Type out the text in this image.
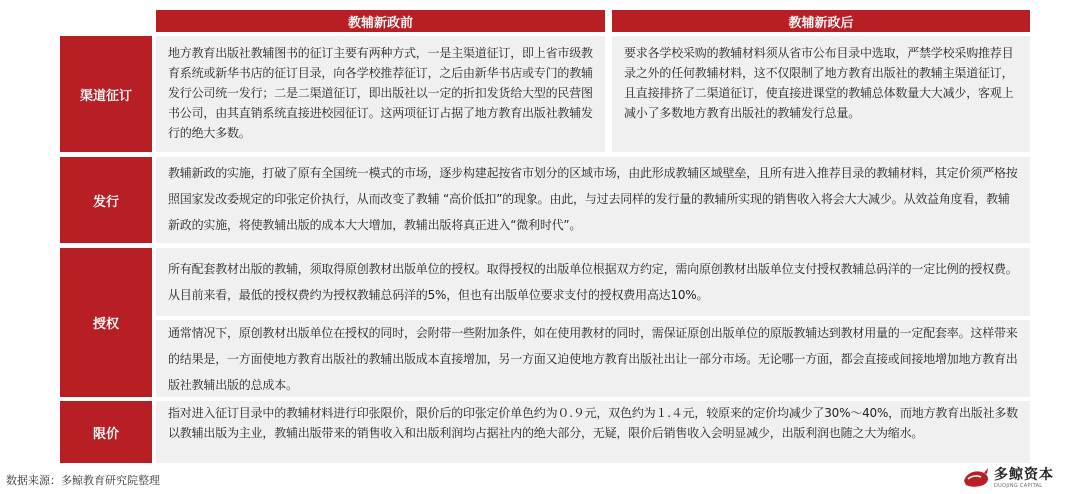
教辅新政前	教辅新政后
渠道征订
地方教育出版社教辅图书的征订主要有两种方式，一是主渠道征订，即上省市级教育系统或新华书店的征订目录，向各学校推荐征订，之后由新华书店或专门的教辅发行公司统一发行；二是二渠道征订，即出版社以一定的折扣发货给大型的民营图书公司，由其直销系统直接进校园征订。这两项征订占据了地方教育出版社教辅发行的绝大多数。
要求各学校采购的教辅材料须从省市公布目录中选取，严禁学校采购推荐目录之外的任何教辅材料，这不仅限制了地方教育出版社的教辅主渠道征订，且直接排挤了二渠道征订，使直接进课堂的教辅总体数量大大减少，客观上减小了多数地方教育出版社的教辅发行总量。
发行
教辅新政的实施，打破了原有全国统一模式的市场，逐步构建起按省市划分的区域市场，由此形成教辅区域壁垒，且所有进入推荐目录的教辅材料，其定价须严格按照国家发改委规定的印张定价执行，从而改变了教辅 “高价低扣”的现象。由此，与过去同样的发行量的教辅所实现的销售收入将会大大减少。从效益角度看，教辅新政的实施，将使教辅出版的成本大大增加，教辅出版将真正进入“微利时代”。
授权
所有配套教材出版的教辅，须取得原创教材出版单位的授权。取得授权的出版单位根据双方约定，需向原创教材出版单位支付授权教辅总码洋的一定比例的授权费。从目前来看，最低的授权费约为授权教辅总码洋的5%，但也有出版单位要求支付的授权费用高达10%。
通常情况下，原创教材出版单位在授权的同时，会附带一些附加条件，如在使用教材的同时，需保证原创出版单位的原版教辅达到教材用量的一定配套率。这样带来的结果是，一方面使地方教育出版社的教辅出版成本直接增加，另一方面又迫使地方教育出版社出让一部分市场。无论哪一方面，都会直接或间接地增加地方教育出版社教辅出版的总成本。
限价
指对进入征订目录中的教辅材料进行印张限价，限价后的印张定价单色约为０.９元，双色约为１.４元，较原来的定价均减少了30%～40%，而地方教育出版社多数以教辅出版为主业，教辅出版带来的销售收入和出版利润均占据社内的绝大部分，无疑，限价后销售收入会明显减少，出版利润也随之大为缩水。
数据来源：多鲸教育研究院整理	多鲸资本
DUOJING CAPITAL
